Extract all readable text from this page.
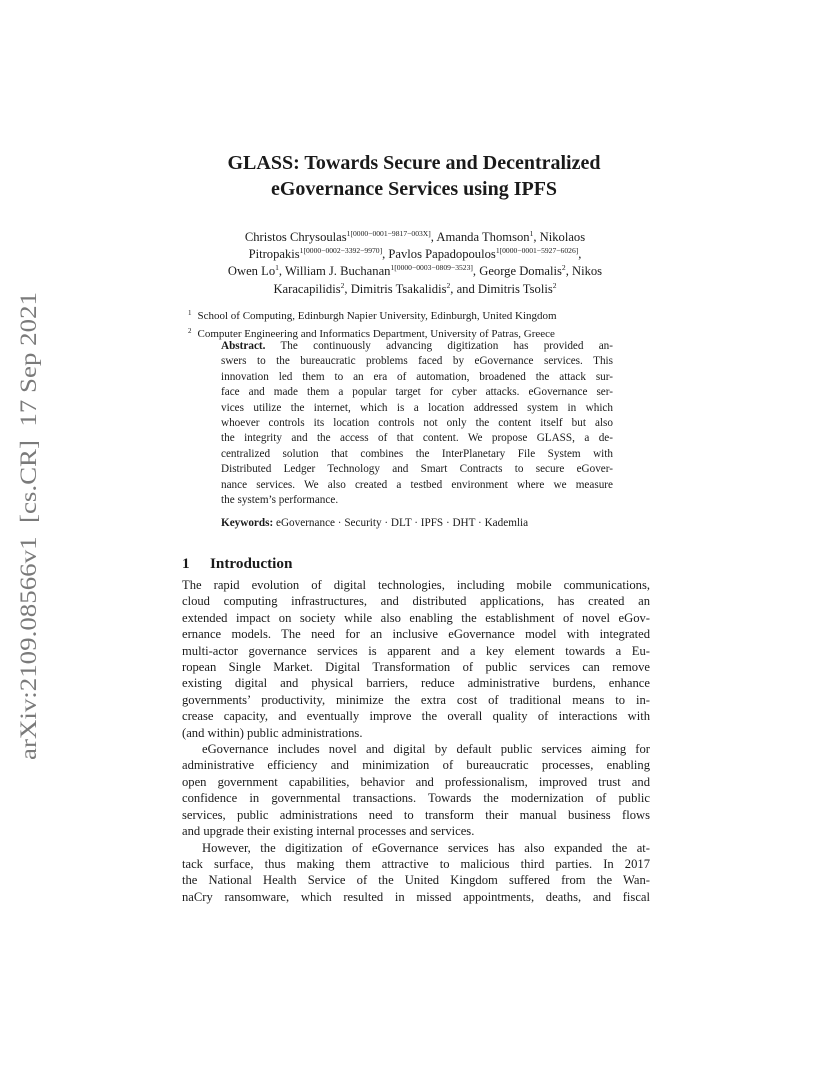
arXiv:2109.08566v1  [cs.CR]  17 Sep 2021
GLASS: Towards Secure and Decentralized
eGovernance Services using IPFS
Christos Chrysoulas$^{1[0000-0001-9817-003X]}$, Amanda Thomson$^1$, Nikolaos
Pitropakis$^{1[0000-0002-3392-9970]}$, Pavlos Papadopoulos$^{1[0000-0001-5927-6026]}$,
Owen Lo$^1$, William J. Buchanan$^{1[0000-0003-0809-3523]}$, George Domalis$^2$, Nikos
Karacapilidis$^2$, Dimitris Tsakalidis$^2$, and Dimitris Tsolis$^2$
$^1$ School of Computing, Edinburgh Napier University, Edinburgh, United Kingdom
$^2$ Computer Engineering and Informatics Department, University of Patras, Greece
Abstract. The continuously advancing digitization has provided an-
swers to the bureaucratic problems faced by eGovernance services. This
innovation led them to an era of automation, broadened the attack sur-
face and made them a popular target for cyber attacks. eGovernance ser-
vices utilize the internet, which is a location addressed system in which
whoever controls its location controls not only the content itself but also
the integrity and the access of that content. We propose GLASS, a de-
centralized solution that combines the InterPlanetary File System with
Distributed Ledger Technology and Smart Contracts to secure eGover-
nance services. We also created a testbed environment where we measure
the system’s performance.
Keywords: eGovernance · Security · DLT · IPFS · DHT · Kademlia
1 Introduction
The rapid evolution of digital technologies, including mobile communications,
cloud computing infrastructures, and distributed applications, has created an
extended impact on society while also enabling the establishment of novel eGov-
ernance models. The need for an inclusive eGovernance model with integrated
multi-actor governance services is apparent and a key element towards a Eu-
ropean Single Market. Digital Transformation of public services can remove
existing digital and physical barriers, reduce administrative burdens, enhance
governments’ productivity, minimize the extra cost of traditional means to in-
crease capacity, and eventually improve the overall quality of interactions with
(and within) public administrations.
eGovernance includes novel and digital by default public services aiming for
administrative efficiency and minimization of bureaucratic processes, enabling
open government capabilities, behavior and professionalism, improved trust and
confidence in governmental transactions. Towards the modernization of public
services, public administrations need to transform their manual business flows
and upgrade their existing internal processes and services.
However, the digitization of eGovernance services has also expanded the at-
tack surface, thus making them attractive to malicious third parties. In 2017
the National Health Service of the United Kingdom suffered from the Wan-
naCry ransomware, which resulted in missed appointments, deaths, and fiscal
